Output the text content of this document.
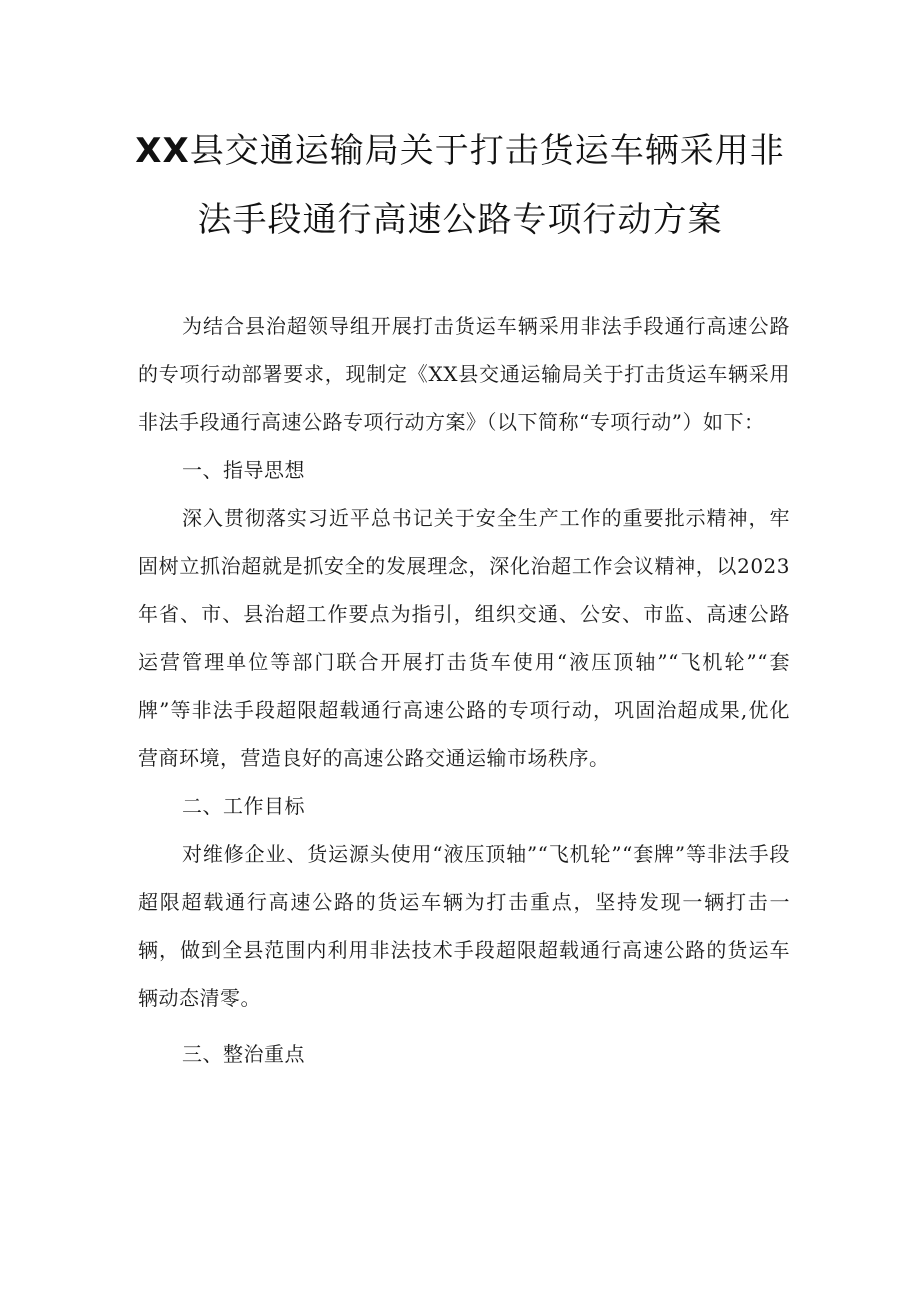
XX县交通运输局关于打击货运车辆采用非
法手段通行高速公路专项行动方案

为结合县治超领导组开展打击货运车辆采用非法手段通行高速公路的专项行动部署要求，现制定《XX县交通运输局关于打击货运车辆采用非法手段通行高速公路专项行动方案》（以下简称“专项行动”）如下：

一、指导思想

深入贯彻落实习近平总书记关于安全生产工作的重要批示精神，牢固树立抓治超就是抓安全的发展理念，深化治超工作会议精神，以2023年省、市、县治超工作要点为指引，组织交通、公安、市监、高速公路运营管理单位等部门联合开展打击货车使用“液压顶轴”“飞机轮”“套牌”等非法手段超限超载通行高速公路的专项行动，巩固治超成果,优化营商环境，营造良好的高速公路交通运输市场秩序。

二、工作目标

对维修企业、货运源头使用“液压顶轴”“飞机轮”“套牌”等非法手段超限超载通行高速公路的货运车辆为打击重点，坚持发现一辆打击一辆，做到全县范围内利用非法技术手段超限超载通行高速公路的货运车辆动态清零。

三、整治重点
